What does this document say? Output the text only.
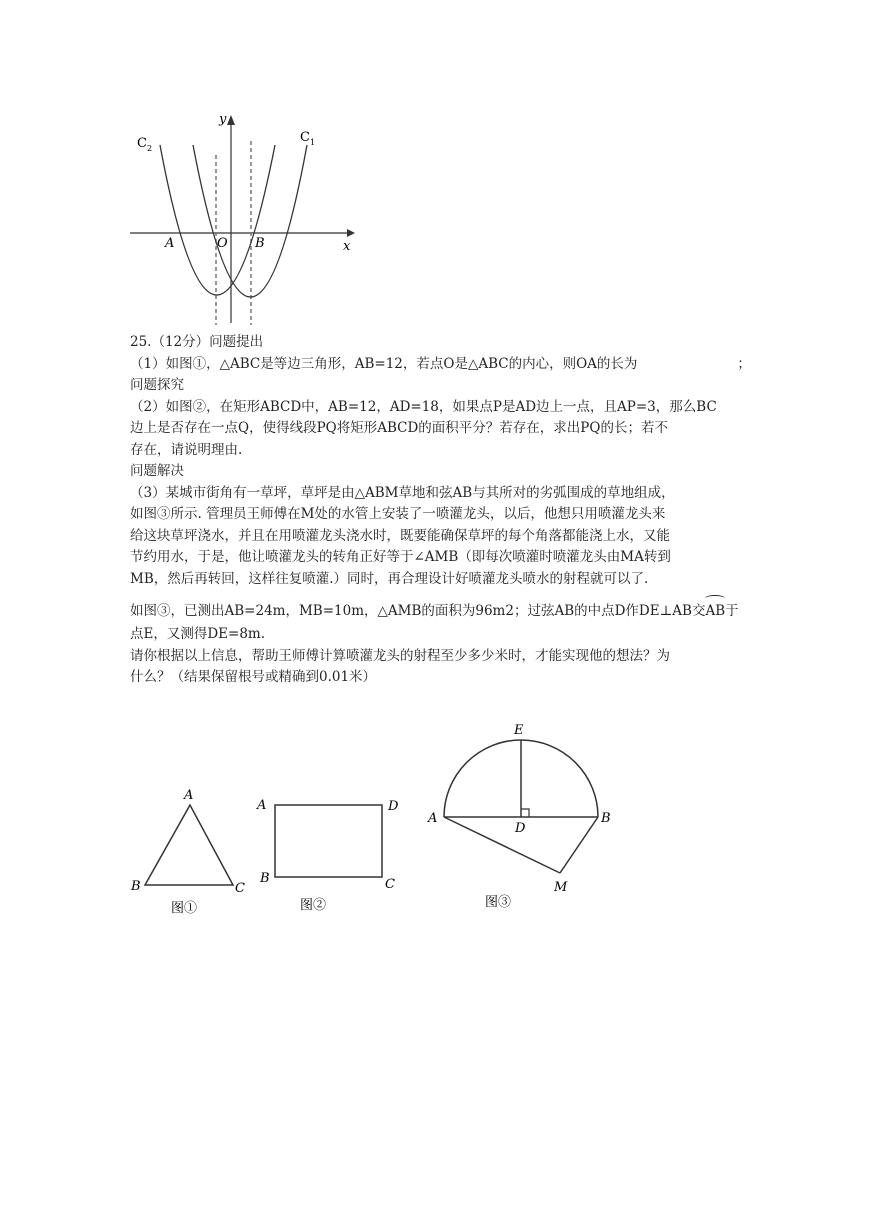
y
x
C 2
C 1
A	O B

25.（12分）问题提出

（1）如图①，△ABC是等边三角形，AB=12，若点O是△ABC的内心，则OA的长为	；

问题探究

（2）如图②，在矩形ABCD中，AB=12，AD=18，如果点P是AD边上一点，且AP=3，那么BC

边上是否存在一点Q，使得线段PQ将矩形ABCD的面积平分？若存在，求出PQ的长；若不

存在，请说明理由.

问题解决

（3）某城市街角有一草坪，草坪是由△ABM草地和弦AB与其所对的劣弧围成的草地组成，

如图③所示. 管理员王师傅在M处的水管上安装了一喷灌龙头，以后，他想只用喷灌龙头来

给这块草坪浇水，并且在用喷灌龙头浇水时，既要能确保草坪的每个角落都能浇上水，又能

节约用水，于是，他让喷灌龙头的转角正好等于∠AMB（即每次喷灌时喷灌龙头由MA转到

MB，然后再转回，这样往复喷灌.）同时，再合理设计好喷灌龙头喷水的射程就可以了.

如图③，已测出AB=24m，MB=10m，△AMB的面积为96m2；过弦AB的中点D作DE⊥AB交AB于

点E，又测得DE=8m.

请你根据以上信息，帮助王师傅计算喷灌龙头的射程至少多少米时，才能实现他的想法？为

什么？（结果保留根号或精确到0.01米）

A
B	C
图①
A	D
B	C
图②
E
A
D
B
M
图③
